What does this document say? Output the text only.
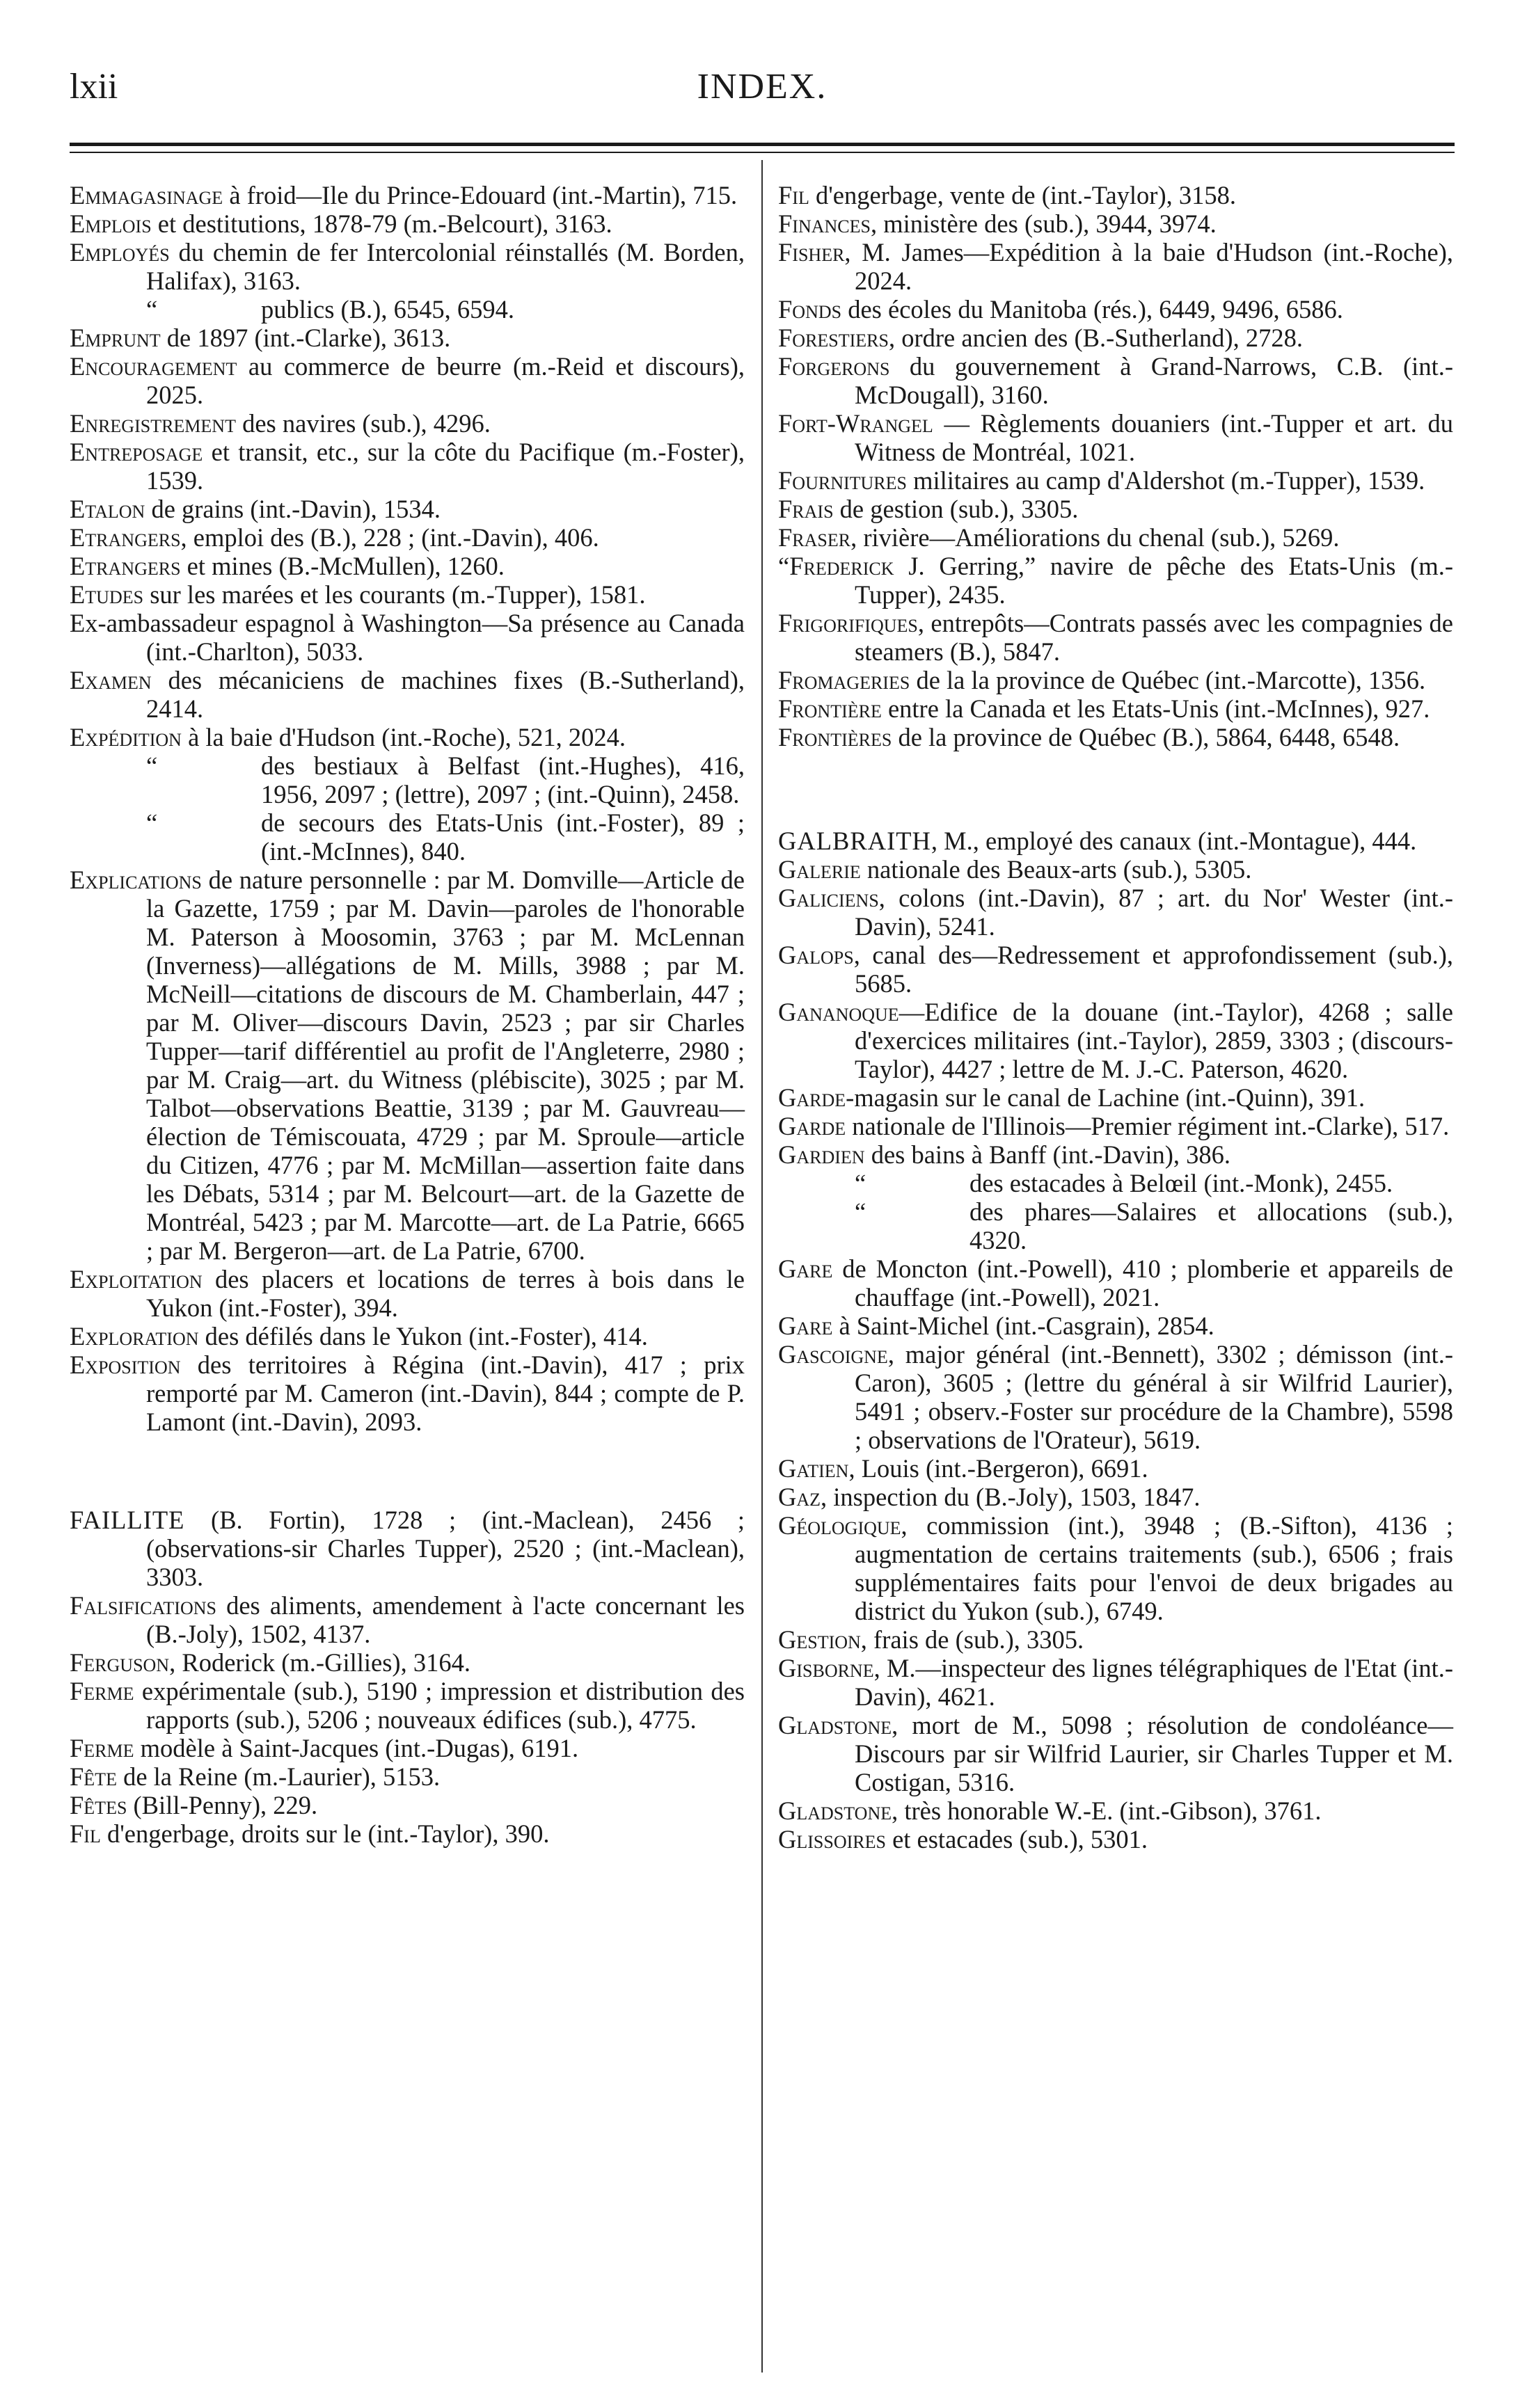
lxii	INDEX.

Emmagasinage à froid—Ile du Prince-Edouard (int.-Martin), 715.

Emplois et destitutions, 1878-79 (m.-Belcourt), 3163.

Employés du chemin de fer Intercolonial réinstallés (M. Borden, Halifax), 3163.

“	publics (B.), 6545, 6594.

Emprunt de 1897 (int.-Clarke), 3613.

Encouragement au commerce de beurre (m.-Reid et discours), 2025.

Enregistrement des navires (sub.), 4296.

Entreposage et transit, etc., sur la côte du Pacifique (m.-Foster), 1539.

Etalon de grains (int.-Davin), 1534.

Etrangers, emploi des (B.), 228 ; (int.-Davin), 406.

Etrangers et mines (B.-McMullen), 1260.

Etudes sur les marées et les courants (m.-Tupper), 1581.

Ex-ambassadeur espagnol à Washington—Sa présence au Canada (int.-Charlton), 5033.

Examen des mécaniciens de machines fixes (B.-Sutherland), 2414.

Expédition à la baie d'Hudson (int.-Roche), 521, 2024.

“	des bestiaux à Belfast (int.-Hughes), 416, 1956, 2097 ; (lettre), 2097 ; (int.-Quinn), 2458.

“	de secours des Etats-Unis (int.-Foster), 89 ; (int.-McInnes), 840.

Explications de nature personnelle : par M. Domville—Article de la Gazette, 1759 ; par M. Davin—paroles de l'honorable M. Paterson à Moosomin, 3763 ; par M. McLennan (Inverness)—allégations de M. Mills, 3988 ; par M. McNeill—citations de discours de M. Chamberlain, 447 ; par M. Oliver—discours Davin, 2523 ; par sir Charles Tupper—tarif différentiel au profit de l'Angleterre, 2980 ; par M. Craig—art. du Witness (plébiscite), 3025 ; par M. Talbot—observations Beattie, 3139 ; par M. Gauvreau—élection de Témiscouata, 4729 ; par M. Sproule—article du Citizen, 4776 ; par M. McMillan—assertion faite dans les Débats, 5314 ; par M. Belcourt—art. de la Gazette de Montréal, 5423 ; par M. Marcotte—art. de La Patrie, 6665 ; par M. Bergeron—art. de La Patrie, 6700.

Exploitation des placers et locations de terres à bois dans le Yukon (int.-Foster), 394.

Exploration des défilés dans le Yukon (int.-Foster), 414.

Exposition des territoires à Régina (int.-Davin), 417 ; prix remporté par M. Cameron (int.-Davin), 844 ; compte de P. Lamont (int.-Davin), 2093.

FAILLITE (B. Fortin), 1728 ; (int.-Maclean), 2456 ; (observations-sir Charles Tupper), 2520 ; (int.-Maclean), 3303.

Falsifications des aliments, amendement à l'acte concernant les (B.-Joly), 1502, 4137.

Ferguson, Roderick (m.-Gillies), 3164.

Ferme expérimentale (sub.), 5190 ; impression et distribution des rapports (sub.), 5206 ; nouveaux édifices (sub.), 4775.

Ferme modèle à Saint-Jacques (int.-Dugas), 6191.

Fête de la Reine (m.-Laurier), 5153.

Fêtes (Bill-Penny), 229.

Fil d'engerbage, droits sur le (int.-Taylor), 390.

Fil d'engerbage, vente de (int.-Taylor), 3158.

Finances, ministère des (sub.), 3944, 3974.

Fisher, M. James—Expédition à la baie d'Hudson (int.-Roche), 2024.

Fonds des écoles du Manitoba (rés.), 6449, 9496, 6586.

Forestiers, ordre ancien des (B.-Sutherland), 2728.

Forgerons du gouvernement à Grand-Narrows, C.B. (int.-McDougall), 3160.

Fort-Wrangel — Règlements douaniers (int.-Tupper et art. du Witness de Montréal, 1021.

Fournitures militaires au camp d'Aldershot (m.-Tupper), 1539.

Frais de gestion (sub.), 3305.

Fraser, rivière—Améliorations du chenal (sub.), 5269.

“Frederick J. Gerring,” navire de pêche des Etats-Unis (m.-Tupper), 2435.

Frigorifiques, entrepôts—Contrats passés avec les compagnies de steamers (B.), 5847.

Fromageries de la la province de Québec (int.-Marcotte), 1356.

Frontière entre la Canada et les Etats-Unis (int.-McInnes), 927.

Frontières de la province de Québec (B.), 5864, 6448, 6548.

GALBRAITH, M., employé des canaux (int.-Montague), 444.

Galerie nationale des Beaux-arts (sub.), 5305.

Galiciens, colons (int.-Davin), 87 ; art. du Nor' Wester (int.-Davin), 5241.

Galops, canal des—Redressement et approfondissement (sub.), 5685.

Gananoque—Edifice de la douane (int.-Taylor), 4268 ; salle d'exercices militaires (int.-Taylor), 2859, 3303 ; (discours-Taylor), 4427 ; lettre de M. J.-C. Paterson, 4620.

Garde-magasin sur le canal de Lachine (int.-Quinn), 391.

Garde nationale de l'Illinois—Premier régiment int.-Clarke), 517.

Gardien des bains à Banff (int.-Davin), 386.

“	des estacades à Belœil (int.-Monk), 2455.

“	des phares—Salaires et allocations (sub.), 4320.

Gare de Moncton (int.-Powell), 410 ; plomberie et appareils de chauffage (int.-Powell), 2021.

Gare à Saint-Michel (int.-Casgrain), 2854.

Gascoigne, major général (int.-Bennett), 3302 ; démisson (int.-Caron), 3605 ; (lettre du général à sir Wilfrid Laurier), 5491 ; observ.-Foster sur procédure de la Chambre), 5598 ; observations de l'Orateur), 5619.

Gatien, Louis (int.-Bergeron), 6691.

Gaz, inspection du (B.-Joly), 1503, 1847.

Géologique, commission (int.), 3948 ; (B.-Sifton), 4136 ; augmentation de certains traitements (sub.), 6506 ; frais supplémentaires faits pour l'envoi de deux brigades au district du Yukon (sub.), 6749.

Gestion, frais de (sub.), 3305.

Gisborne, M.—inspecteur des lignes télégraphiques de l'Etat (int.-Davin), 4621.

Gladstone, mort de M., 5098 ; résolution de condoléance—Discours par sir Wilfrid Laurier, sir Charles Tupper et M. Costigan, 5316.

Gladstone, très honorable W.-E. (int.-Gibson), 3761.

Glissoires et estacades (sub.), 5301.
